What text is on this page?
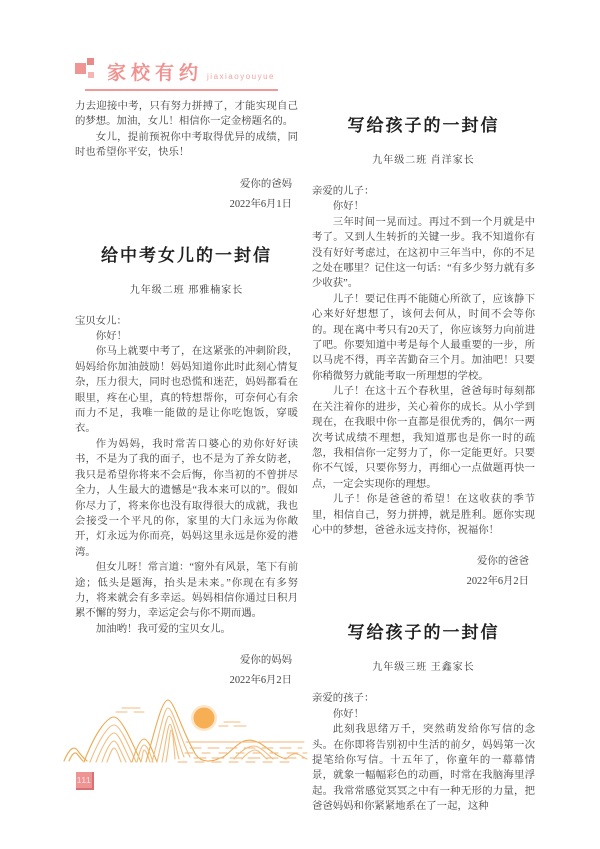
家校有约 jiaxiaoyouyue

力去迎接中考，只有努力拼搏了，才能实现自己的梦想。加油，女儿！相信你一定金榜题名的。

女儿，提前预祝你中考取得优异的成绩，同时也希望你平安，快乐！

爱你的爸妈

2022年6月1日

给中考女儿的一封信

九年级二班 邢雅楠家长

宝贝女儿：

你好！

你马上就要中考了，在这紧张的冲刺阶段，妈妈给你加油鼓励！妈妈知道你此时此刻心情复杂，压力很大，同时也恐慌和迷茫，妈妈都看在眼里，疼在心里，真的特想帮你，可奈何心有余而力不足，我唯一能做的是让你吃饱饭，穿暖衣。

作为妈妈，我时常苦口婆心的劝你好好读书，不是为了我的面子，也不是为了养女防老，我只是希望你将来不会后悔，你当初的不曾拼尽全力，人生最大的遗憾是“我本来可以的”。假如你尽力了，将来你也没有取得很大的成就，我也会接受一个平凡的你，家里的大门永远为你敞开，灯永远为你而亮，妈妈这里永远是你爱的港湾。

但女儿呀！常言道：“窗外有风景，笔下有前途；低头是题海，抬头是未来。”你现在有多努力，将来就会有多幸运。妈妈相信你通过日积月累不懈的努力，幸运定会与你不期而遇。

加油哟！我可爱的宝贝女儿。

爱你的妈妈

2022年6月2日

写给孩子的一封信

九年级二班 肖洋家长

亲爱的儿子：

你好！

三年时间一晃而过。再过不到一个月就是中考了。又到人生转折的关键一步。我不知道你有没有好好考虑过，在这初中三年当中，你的不足之处在哪里？记住这一句话：“有多少努力就有多少收获”。

儿子！要记住再不能随心所欲了，应该静下心来好好想想了，该何去何从，时间不会等你的。现在离中考只有20天了，你应该努力向前进了吧。你要知道中考是每个人最重要的一步，所以马虎不得，再辛苦勤奋三个月。加油吧！只要你稍微努力就能考取一所理想的学校。

儿子！在这十五个春秋里，爸爸每时每刻都在关注着你的进步，关心着你的成长。从小学到现在，在我眼中你一直都是很优秀的，偶尔一两次考试成绩不理想，我知道那也是你一时的疏忽，我相信你一定努力了，你一定能更好。只要你不气馁，只要你努力，再细心一点做题再快一点，一定会实现你的理想。

儿子！你是爸爸的希望！在这收获的季节里，相信自己，努力拼搏，就是胜利。愿你实现心中的梦想，爸爸永远支持你，祝福你！

爱你的爸爸

2022年6月2日

写给孩子的一封信

九年级三班 王鑫家长

亲爱的孩子：

你好！

此刻我思绪万千，突然萌发给你写信的念头。在你即将告别初中生活的前夕，妈妈第一次提笔给你写信。十五年了，你童年的一幕幕情景，就象一幅幅彩色的动画，时常在我脑海里浮起。我常常感觉冥冥之中有一种无形的力量，把爸爸妈妈和你紧紧地系在了一起，这种

111
